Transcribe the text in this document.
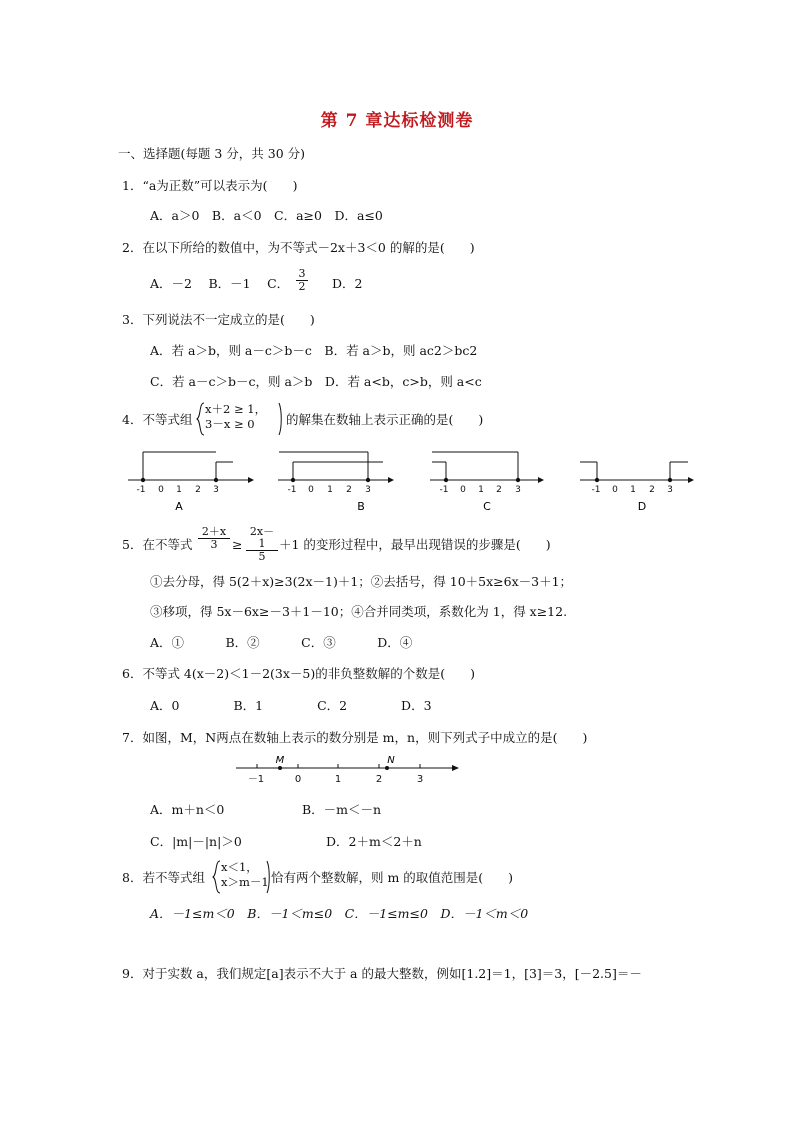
第 7 章达标检测卷
一、选择题(每题 3 分，共 30 分)
1．“a为正数”可以表示为(　　)
A．a＞0　B．a＜0　C．a≥0　D．a≤0
2．在以下所给的数值中，为不等式－2x＋3＜0 的解的是(　　)
A．－2　 B．－1　 C． $\frac{3}{2}$ D．2
3．下列说法不一定成立的是(　　)
A．若 a＞b，则 a－c＞b－c　B．若 a＞b，则 ac2＞bc2
C．若 a－c＞b－c，则 a＞b　D．若 a<b，c>b，则 a<c
4．不等式组
x＋2 ≥ 1，
3－x ≥ 0	的解集在数轴上表示正确的是(　　)
-1 0 1 2 3
A
-1 0 1 2 3
B
-1 0 1 2 3
C
-1 0 1 2 3
D
5．在不等式 $\frac{2+x}{3} \ge \frac{2x-1}{5} +1$ 的变形过程中，最早出现错误的步骤是(　　)
①去分母，得 5(2＋x)≥3(2x－1)＋1；②去括号，得 10＋5x≥6x－3＋1；
③移项，得 5x－6x≥－3＋1－10；④合并同类项，系数化为 1，得 x≥12.
A．①　　　 B．②　　　 C．③　　　 D．④
6．不等式 4(x－2)＜1－2(3x－5)的非负整数解的个数是(　　)
A．0　　　　 B．1　　　　 C．2　　　　 D．3
7．如图，M，N两点在数轴上表示的数分别是 m，n，则下列式子中成立的是(　　)
M	N
－1	0	1	2	3
A．m＋n＜0	B．－m＜－n
C．|m|－|n|＞0	D．2＋m＜2＋n
8．若不等式组
x＜1，
x＞m－1 恰有两个整数解，则 m 的取值范围是(　　)
A．－1≤m＜0　B．－1＜m≤0　C．－1≤m≤0　D．－1＜m＜0
9．对于实数 a，我们规定[a]表示不大于 a 的最大整数，例如[1.2]＝1，[3]＝3，[－2.5]＝－
